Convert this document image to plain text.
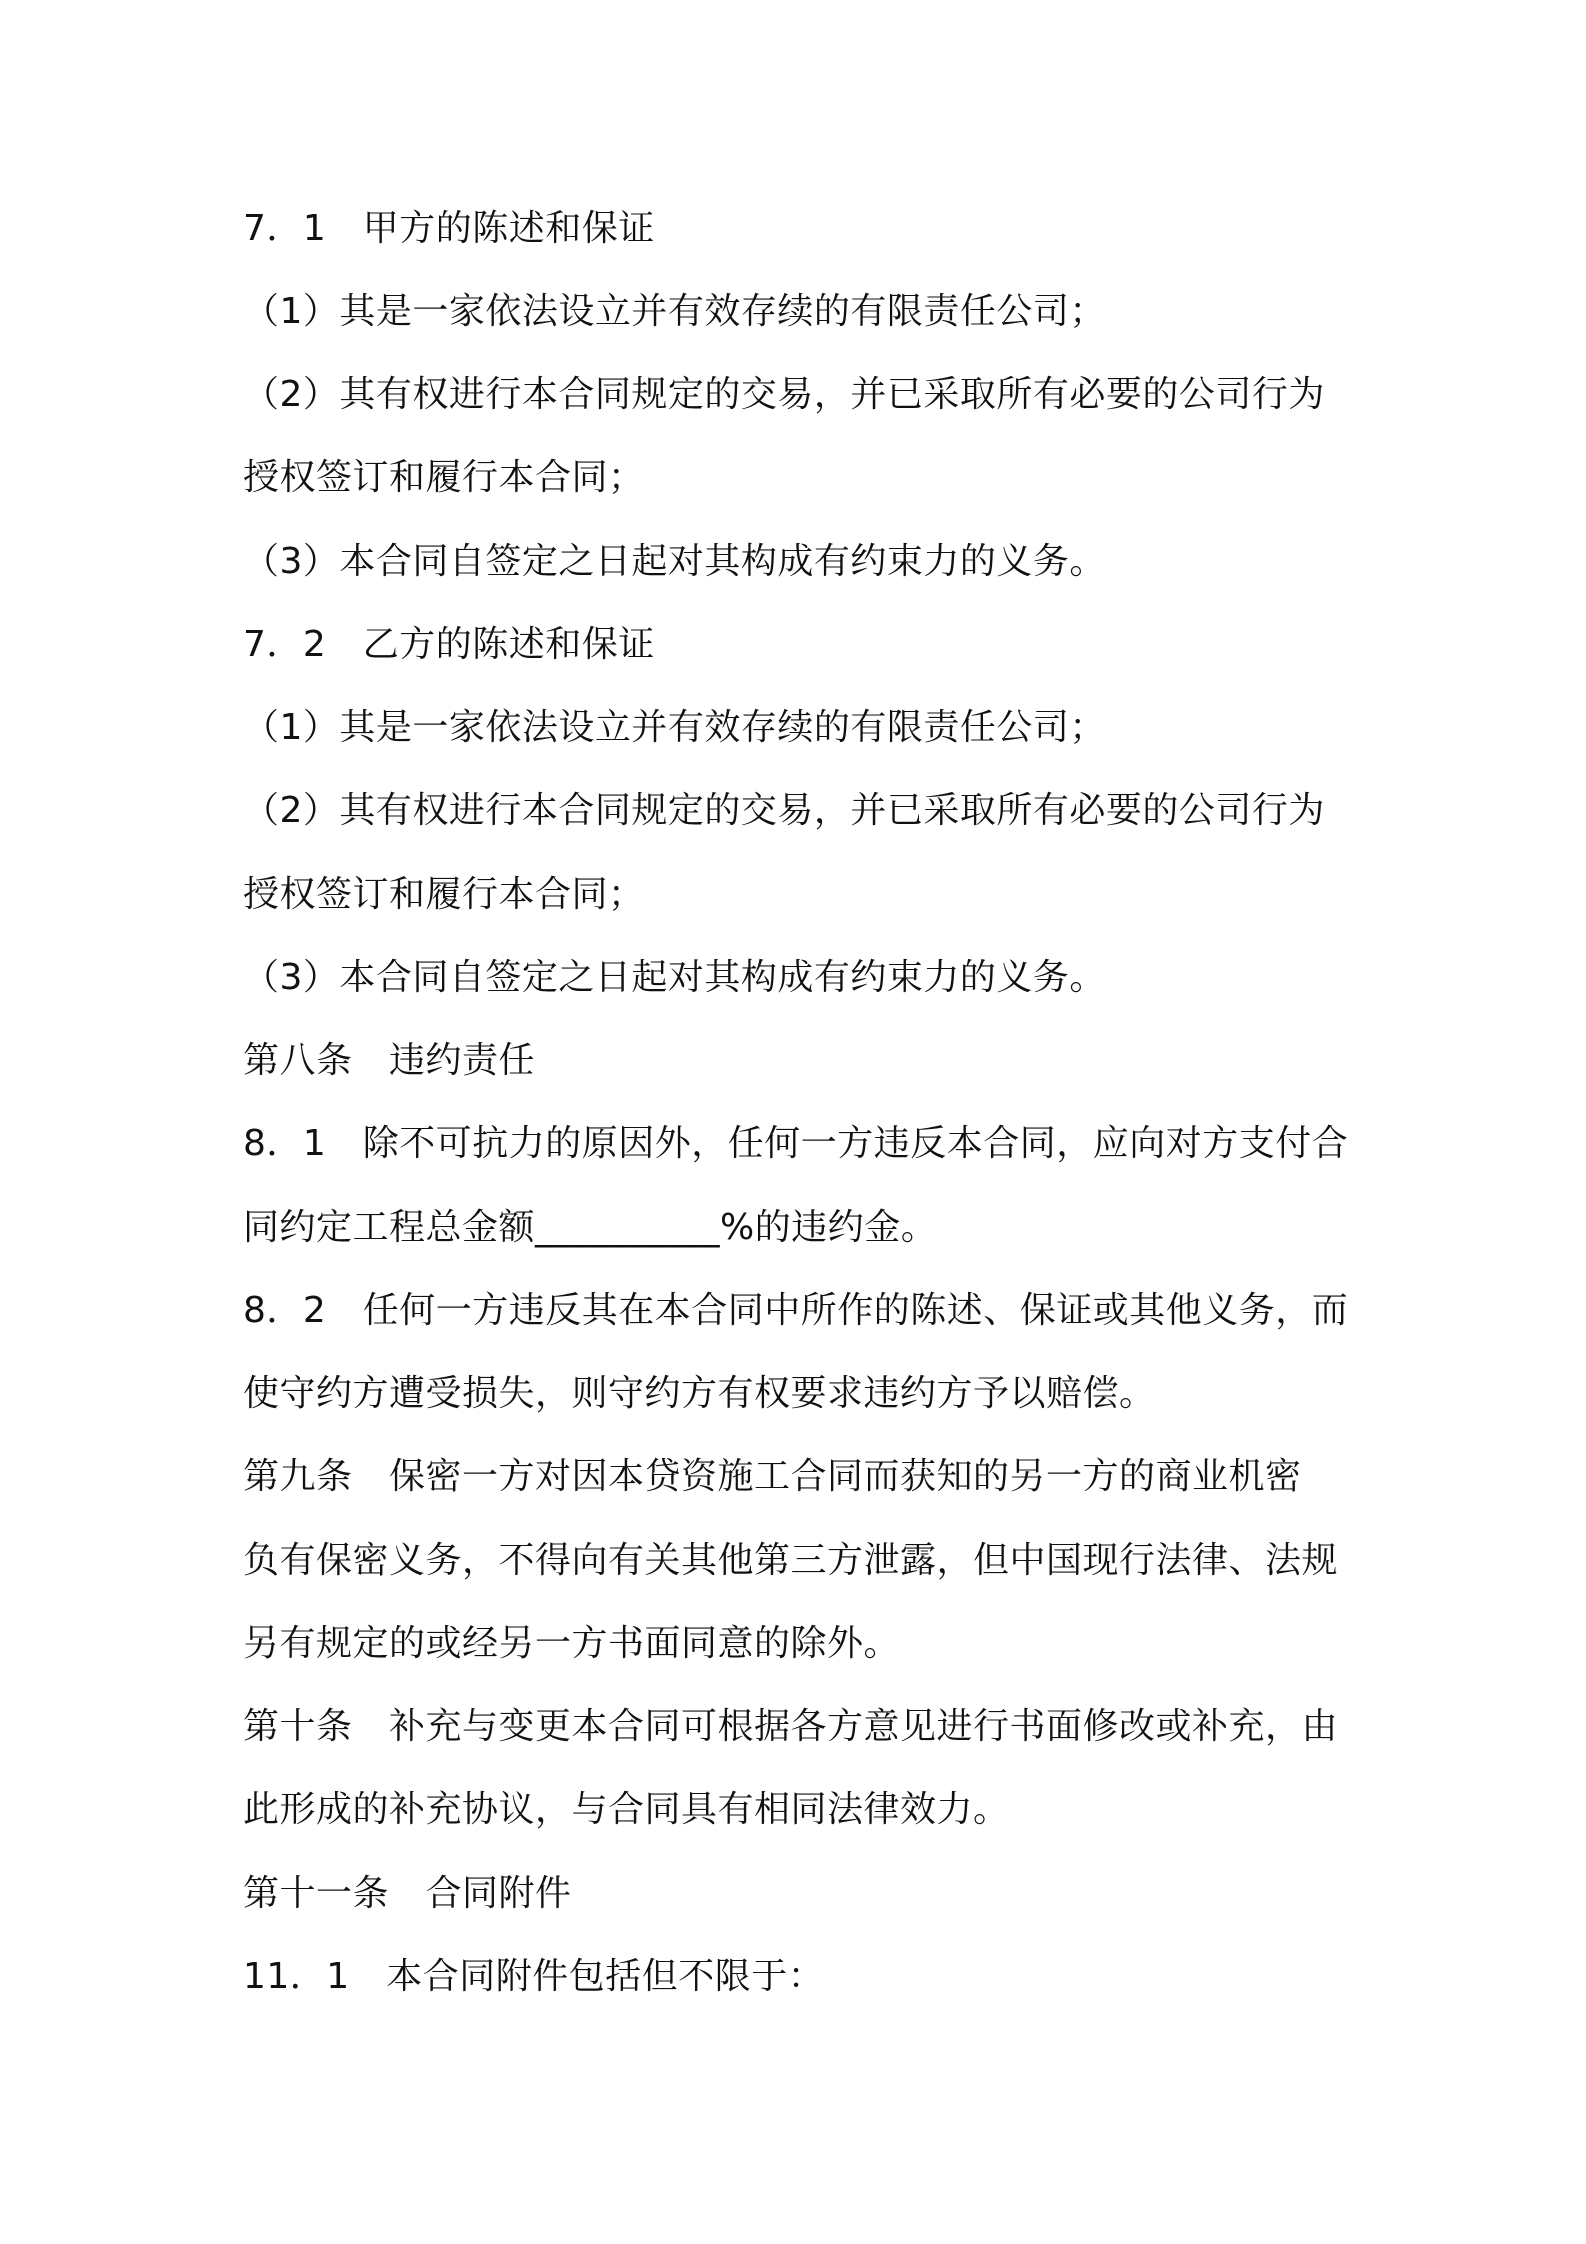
7．1　甲方的陈述和保证
（1）其是一家依法设立并有效存续的有限责任公司；
（2）其有权进行本合同规定的交易，并已采取所有必要的公司行为
授权签订和履行本合同；
（3）本合同自签定之日起对其构成有约束力的义务。
7．2　乙方的陈述和保证
（1）其是一家依法设立并有效存续的有限责任公司；
（2）其有权进行本合同规定的交易，并已采取所有必要的公司行为
授权签订和履行本合同；
（3）本合同自签定之日起对其构成有约束力的义务。
第八条　违约责任
8．1　除不可抗力的原因外，任何一方违反本合同，应向对方支付合
同约定工程总金额__________%的违约金。
8．2　任何一方违反其在本合同中所作的陈述、保证或其他义务，而
使守约方遭受损失，则守约方有权要求违约方予以赔偿。
第九条　保密一方对因本贷资施工合同而获知的另一方的商业机密
负有保密义务，不得向有关其他第三方泄露，但中国现行法律、法规
另有规定的或经另一方书面同意的除外。
第十条　补充与变更本合同可根据各方意见进行书面修改或补充，由
此形成的补充协议，与合同具有相同法律效力。
第十一条　合同附件
11．1　本合同附件包括但不限于：
